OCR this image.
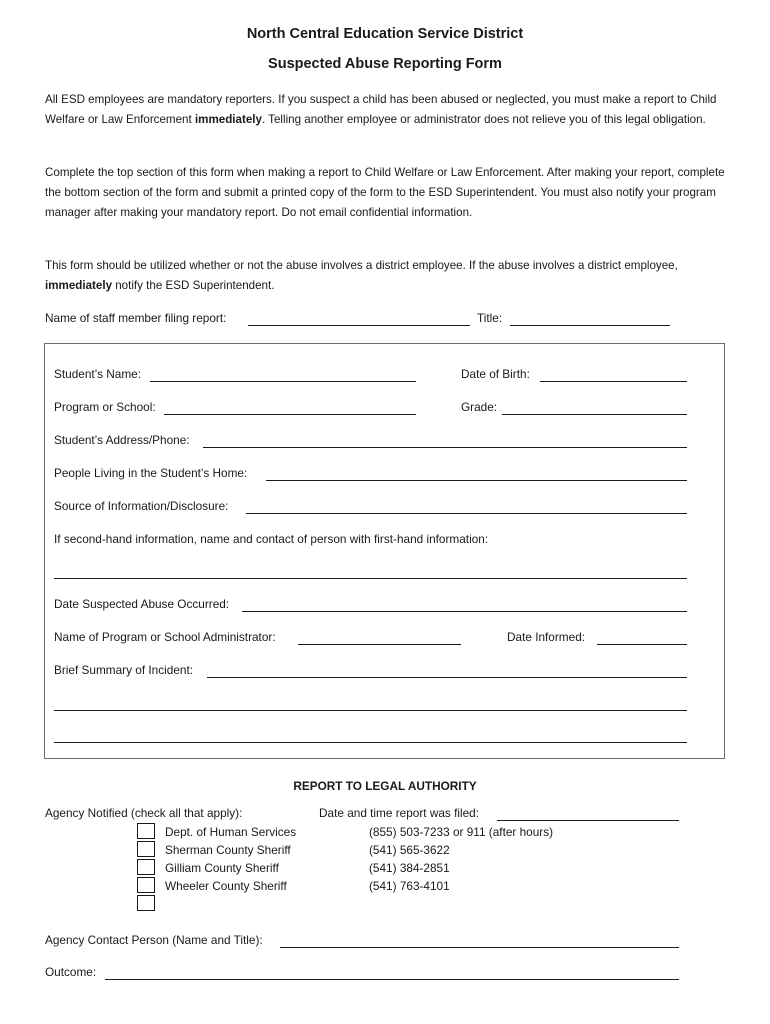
North Central Education Service District
Suspected Abuse Reporting Form
All ESD employees are mandatory reporters. If you suspect a child has been abused or neglected, you must make a report to Child Welfare or Law Enforcement immediately. Telling another employee or administrator does not relieve you of this legal obligation.
Complete the top section of this form when making a report to Child Welfare or Law Enforcement. After making your report, complete the bottom section of the form and submit a printed copy of the form to the ESD Superintendent. You must also notify your program manager after making your mandatory report. Do not email confidential information.
This form should be utilized whether or not the abuse involves a district employee. If the abuse involves a district employee, immediately notify the ESD Superintendent.
Name of staff member filing report:	Title:
Student’s Name:	Date of Birth:
Program or School:	Grade:
Student’s Address/Phone:
People Living in the Student’s Home:
Source of Information/Disclosure:
If second-hand information, name and contact of person with first-hand information:
Date Suspected Abuse Occurred:
Name of Program or School Administrator:	Date Informed:
Brief Summary of Incident:
REPORT TO LEGAL AUTHORITY
Agency Notified (check all that apply):	Date and time report was filed:
Dept. of Human Services	(855) 503-7233 or 911 (after hours)
Sherman County Sheriff	(541) 565-3622
Gilliam County Sheriff	(541) 384-2851
Wheeler County Sheriff	(541) 763-4101
Agency Contact Person (Name and Title):
Outcome:
